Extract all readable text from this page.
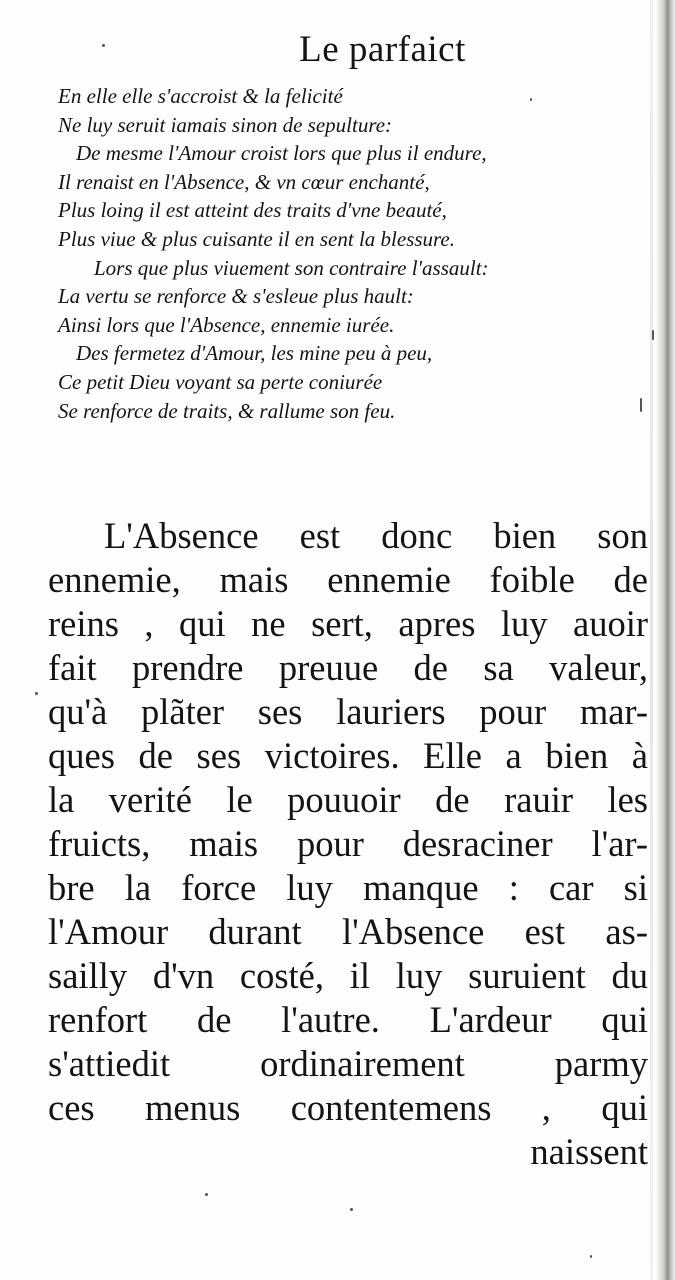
Le parfaict
En elle elle s'accroist & la felicité
Ne luy seruit iamais sinon de sepulture:
De mesme l'Amour croist lors que plus il endure,
Il renaist en l'Absence, & vn cœur enchanté,
Plus loing il est atteint des traits d'vne beauté,
Plus viue & plus cuisante il en sent la blessure.
Lors que plus viuement son contraire l'assault:
La vertu se renforce & s'esleue plus hault:
Ainsi lors que l'Absence, ennemie iurée.
Des fermetez d'Amour, les mine peu à peu,
Ce petit Dieu voyant sa perte coniurée
Se renforce de traits, & rallume son feu.
L'Absence est donc bien son
ennemie, mais ennemie foible de
reins , qui ne sert, apres luy auoir
fait prendre preuue de sa valeur,
qu'à plãter ses lauriers pour mar-
ques de ses victoires. Elle a bien à
la verité le pouuoir de rauir les
fruicts, mais pour desraciner l'ar-
bre la force luy manque : car si
l'Amour durant l'Absence est as-
sailly d'vn costé, il luy suruient du
renfort de l'autre. L'ardeur qui
s'attiedit ordinairement parmy
ces menus contentemens , qui
naissent
